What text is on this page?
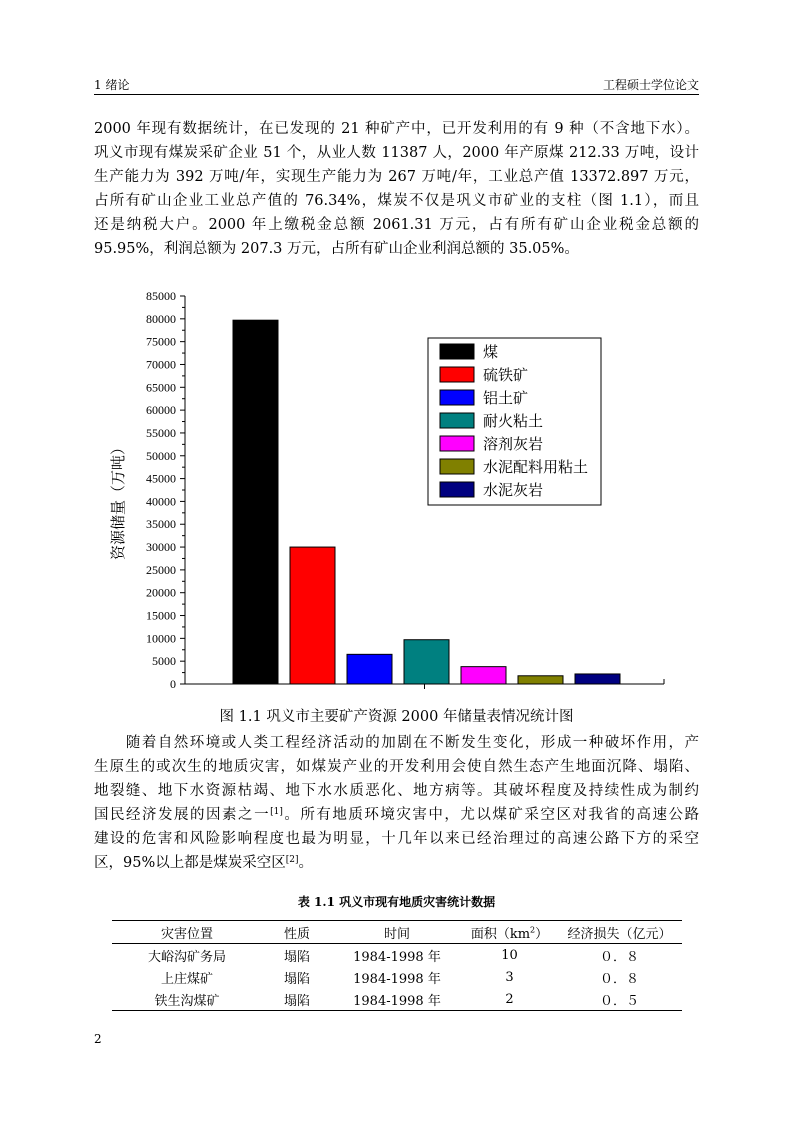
1 绪论	工程硕士学位论文
2000 年现有数据统计，在已发现的 21 种矿产中，已开发利用的有 9 种（不含地下水）。
巩义市现有煤炭采矿企业 51 个，从业人数 11387 人，2000 年产原煤 212.33 万吨，设计
生产能力为 392 万吨/年，实现生产能力为 267 万吨/年，工业总产值 13372.897 万元，
占所有矿山企业工业总产值的 76.34%，煤炭不仅是巩义市矿业的支柱（图 1.1），而且
还是纳税大户。2000 年上缴税金总额 2061.31 万元，占有所有矿山企业税金总额的
95.95%，利润总额为 207.3 万元，占所有矿山企业利润总额的 35.05%。
0
5000
10000
15000
20000
25000
30000
35000
40000
45000
50000
55000
60000
65000
70000
75000
80000
85000
煤
硫铁矿
铝土矿
耐火粘土
溶剂灰岩
水泥配料用粘土
水泥灰岩
资源储量（万吨）
图 1.1 巩义市主要矿产资源 2000 年储量表情况统计图
　　随着自然环境或人类工程经济活动的加剧在不断发生变化，形成一种破坏作用，产
生原生的或次生的地质灾害，如煤炭产业的开发利用会使自然生态产生地面沉降、塌陷、
地裂缝、地下水资源枯竭、地下水水质恶化、地方病等。其破坏程度及持续性成为制约
国民经济发展的因素之一[1]。所有地质环境灾害中，尤以煤矿采空区对我省的高速公路
建设的危害和风险影响程度也最为明显，十几年以来已经治理过的高速公路下方的采空
区，95%以上都是煤炭采空区[2]。
表 1.1 巩义市现有地质灾害统计数据
灾害位置	性质	时间	面积$(km^2)$	经济损失（亿元）
大峪沟矿务局	塌陷	1984-1998 年	10	０．８
上庄煤矿	塌陷	1984-1998 年	3	０．８
铁生沟煤矿	塌陷	1984-1998 年	2	０．５
2
